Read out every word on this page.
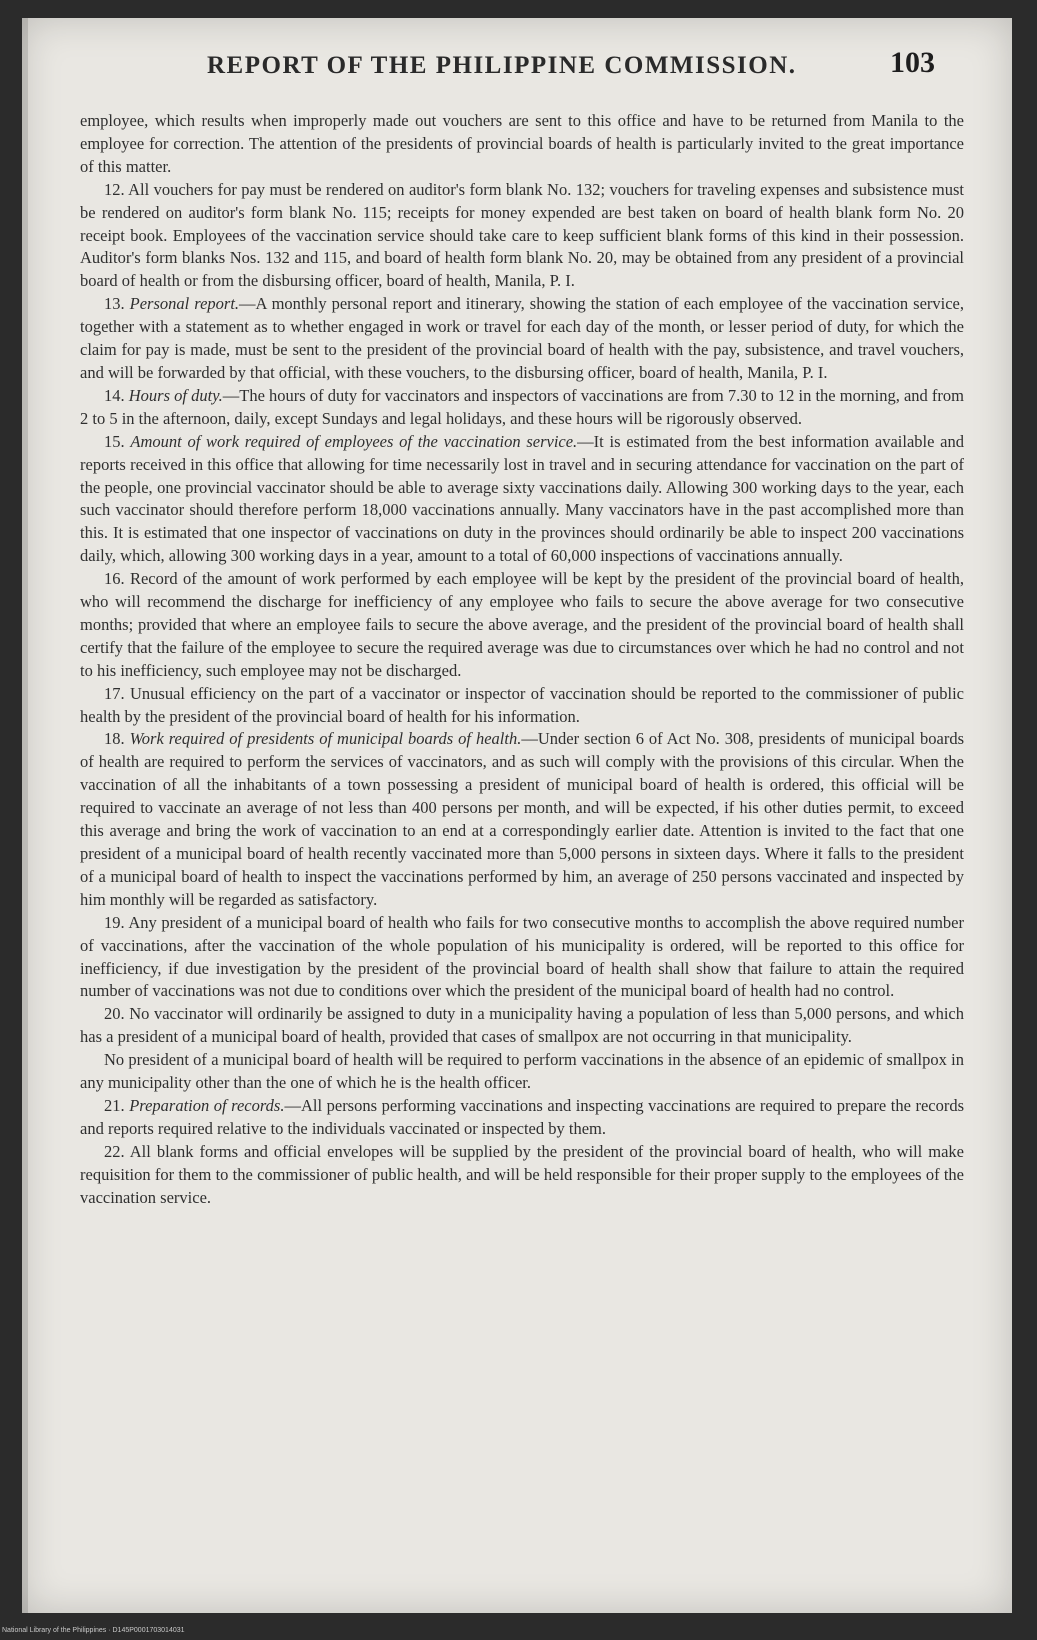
REPORT OF THE PHILIPPINE COMMISSION.	103

employee, which results when improperly made out vouchers are sent to this office and have to be returned from Manila to the employee for correction. The attention of the presidents of provincial boards of health is particularly invited to the great importance of this matter.

12. All vouchers for pay must be rendered on auditor's form blank No. 132; vouchers for traveling expenses and subsistence must be rendered on auditor's form blank No. 115; receipts for money expended are best taken on board of health blank form No. 20 receipt book. Employees of the vaccination service should take care to keep sufficient blank forms of this kind in their possession. Auditor's form blanks Nos. 132 and 115, and board of health form blank No. 20, may be obtained from any president of a provincial board of health or from the disbursing officer, board of health, Manila, P. I.

13. Personal report.—A monthly personal report and itinerary, showing the station of each employee of the vaccination service, together with a statement as to whether engaged in work or travel for each day of the month, or lesser period of duty, for which the claim for pay is made, must be sent to the president of the provincial board of health with the pay, subsistence, and travel vouchers, and will be forwarded by that official, with these vouchers, to the disbursing officer, board of health, Manila, P. I.

14. Hours of duty.—The hours of duty for vaccinators and inspectors of vaccinations are from 7.30 to 12 in the morning, and from 2 to 5 in the afternoon, daily, except Sundays and legal holidays, and these hours will be rigorously observed.

15. Amount of work required of employees of the vaccination service.—It is estimated from the best information available and reports received in this office that allowing for time necessarily lost in travel and in securing attendance for vaccination on the part of the people, one provincial vaccinator should be able to average sixty vaccinations daily. Allowing 300 working days to the year, each such vaccinator should therefore perform 18,000 vaccinations annually. Many vaccinators have in the past accomplished more than this. It is estimated that one inspector of vaccinations on duty in the provinces should ordinarily be able to inspect 200 vaccinations daily, which, allowing 300 working days in a year, amount to a total of 60,000 inspections of vaccinations annually.

16. Record of the amount of work performed by each employee will be kept by the president of the provincial board of health, who will recommend the discharge for inefficiency of any employee who fails to secure the above average for two consecutive months; provided that where an employee fails to secure the above average, and the president of the provincial board of health shall certify that the failure of the employee to secure the required average was due to circumstances over which he had no control and not to his inefficiency, such employee may not be discharged.

17. Unusual efficiency on the part of a vaccinator or inspector of vaccination should be reported to the commissioner of public health by the president of the provincial board of health for his information.

18. Work required of presidents of municipal boards of health.—Under section 6 of Act No. 308, presidents of municipal boards of health are required to perform the services of vaccinators, and as such will comply with the provisions of this circular. When the vaccination of all the inhabitants of a town possessing a president of municipal board of health is ordered, this official will be required to vaccinate an average of not less than 400 persons per month, and will be expected, if his other duties permit, to exceed this average and bring the work of vaccination to an end at a correspondingly earlier date. Attention is invited to the fact that one president of a municipal board of health recently vaccinated more than 5,000 persons in sixteen days. Where it falls to the president of a municipal board of health to inspect the vaccinations performed by him, an average of 250 persons vaccinated and inspected by him monthly will be regarded as satisfactory.

19. Any president of a municipal board of health who fails for two consecutive months to accomplish the above required number of vaccinations, after the vaccination of the whole population of his municipality is ordered, will be reported to this office for inefficiency, if due investigation by the president of the provincial board of health shall show that failure to attain the required number of vaccinations was not due to conditions over which the president of the municipal board of health had no control.

20. No vaccinator will ordinarily be assigned to duty in a municipality having a population of less than 5,000 persons, and which has a president of a municipal board of health, provided that cases of smallpox are not occurring in that municipality.

No president of a municipal board of health will be required to perform vaccinations in the absence of an epidemic of smallpox in any municipality other than the one of which he is the health officer.

21. Preparation of records.—All persons performing vaccinations and inspecting vaccinations are required to prepare the records and reports required relative to the individuals vaccinated or inspected by them.

22. All blank forms and official envelopes will be supplied by the president of the provincial board of health, who will make requisition for them to the commissioner of public health, and will be held responsible for their proper supply to the employees of the vaccination service.

National Library of the Philippines · D145P0001703014031
